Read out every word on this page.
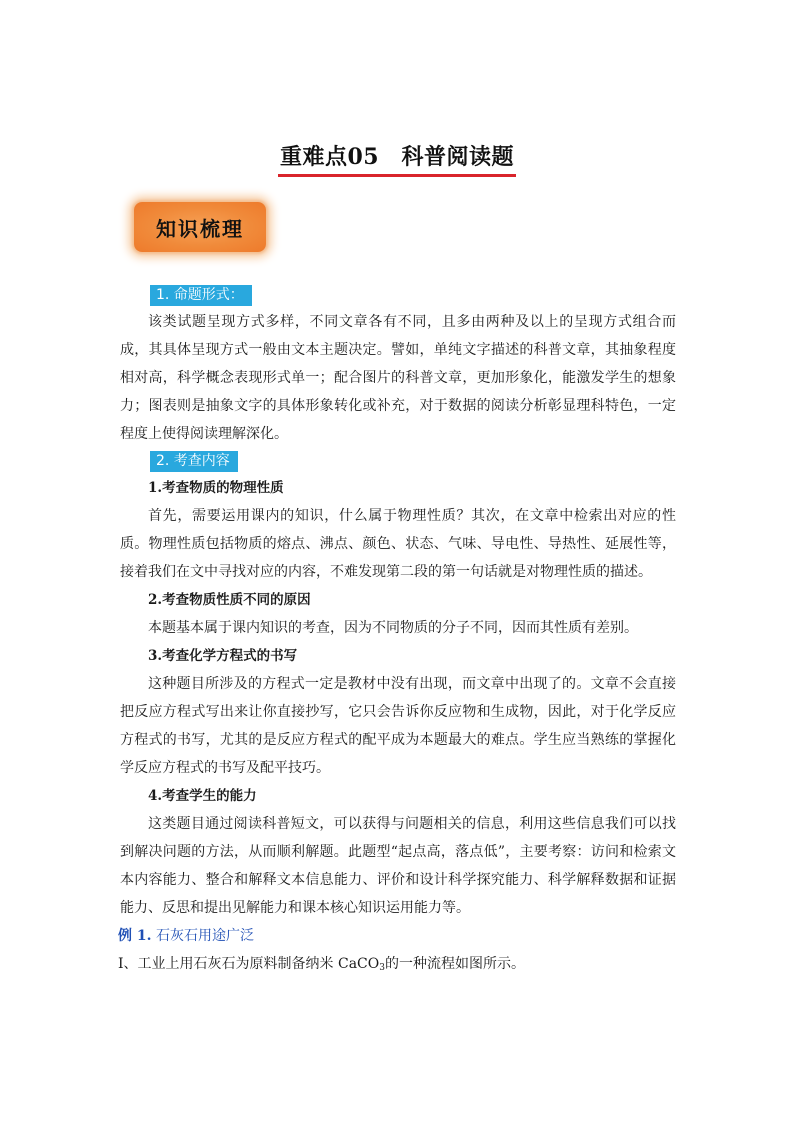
重难点05　科普阅读题
知识梳理
1. 命题形式：

该类试题呈现方式多样，不同文章各有不同，且多由两种及以上的呈现方式组合而成，其具体呈现方式一般由文本主题决定。譬如，单纯文字描述的科普文章，其抽象程度相对高，科学概念表现形式单一；配合图片的科普文章，更加形象化，能激发学生的想象力；图表则是抽象文字的具体形象转化或补充，对于数据的阅读分析彰显理科特色，一定程度上使得阅读理解深化。

2. 考查内容

1.考查物质的物理性质

首先，需要运用课内的知识，什么属于物理性质？其次，在文章中检索出对应的性质。物理性质包括物质的熔点、沸点、颜色、状态、气味、导电性、导热性、延展性等，接着我们在文中寻找对应的内容，不难发现第二段的第一句话就是对物理性质的描述。

2.考查物质性质不同的原因

本题基本属于课内知识的考查，因为不同物质的分子不同，因而其性质有差别。

3.考查化学方程式的书写

这种题目所涉及的方程式一定是教材中没有出现，而文章中出现了的。文章不会直接把反应方程式写出来让你直接抄写，它只会告诉你反应物和生成物，因此，对于化学反应方程式的书写，尤其的是反应方程式的配平成为本题最大的难点。学生应当熟练的掌握化学反应方程式的书写及配平技巧。

4.考查学生的能力

这类题目通过阅读科普短文，可以获得与问题相关的信息，利用这些信息我们可以找到解决问题的方法，从而顺利解题。此题型“起点高，落点低”，主要考察：访问和检索文本内容能力、整合和解释文本信息能力、评价和设计科学探究能力、科学解释数据和证据能力、反思和提出见解能力和课本核心知识运用能力等。

例 1. 石灰石用途广泛

I、工业上用石灰石为原料制备纳米 CaCO3的一种流程如图所示。
